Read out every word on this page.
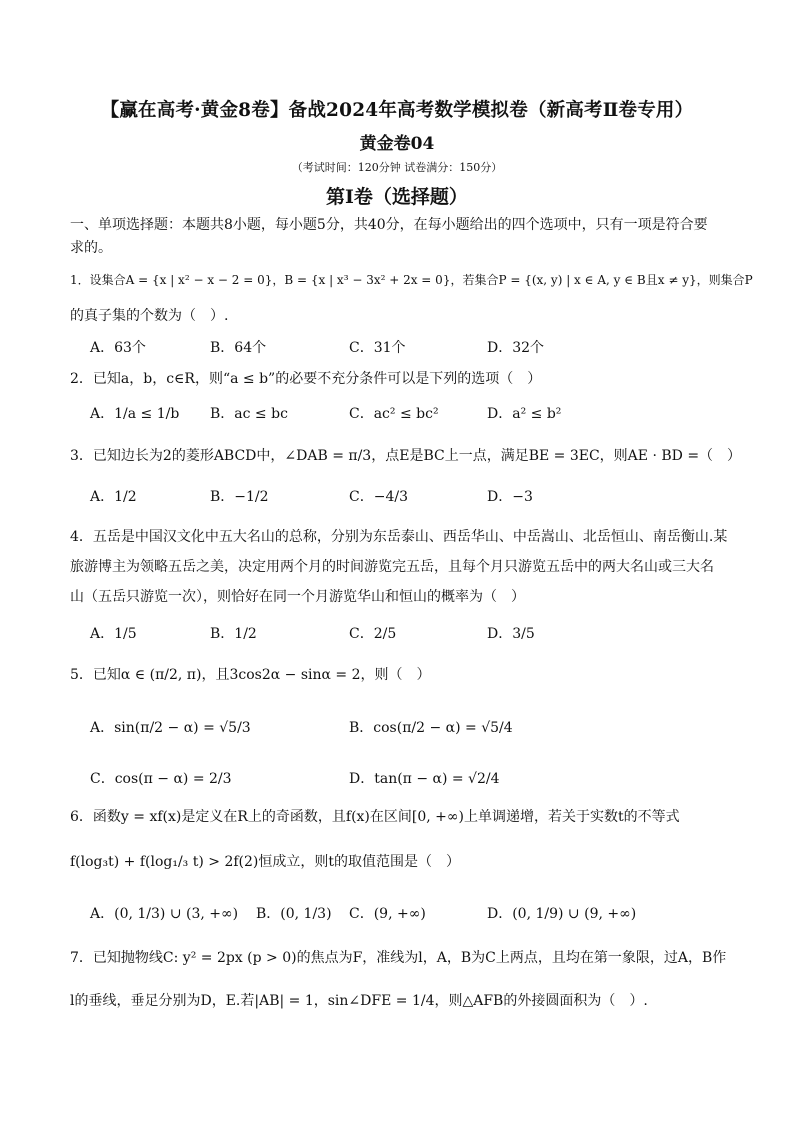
【赢在高考·黄金8卷】备战2024年高考数学模拟卷（新高考Ⅱ卷专用）
黄金卷04
（考试时间：120分钟 试卷满分：150分）
第I卷（选择题）
一、单项选择题：本题共8小题，每小题5分，共40分，在每小题给出的四个选项中，只有一项是符合要
求的。
1．设集合A = {x | x² − x − 2 = 0}，B = {x | x³ − 3x² + 2x = 0}，若集合P = {(x, y) | x ∈ A, y ∈ B且x ≠ y}，则集合P
的真子集的个数为（　）.
A．63个	B．64个	C．31个	D．32个
2．已知a，b，c∈R，则“a ≤ b”的必要不充分条件可以是下列的选项（　）
A．1/a ≤ 1/b B．ac ≤ bc	C．ac² ≤ bc²	D．a² ≤ b²
3．已知边长为2的菱形ABCD中，∠DAB = π/3，点E是BC上一点，满足BE = 3EC，则AE · BD =（　）
A．1/2	B．−1/2	C．−4/3	D．−3
4．五岳是中国汉文化中五大名山的总称，分别为东岳泰山、西岳华山、中岳嵩山、北岳恒山、南岳衡山.某
旅游博主为领略五岳之美，决定用两个月的时间游览完五岳，且每个月只游览五岳中的两大名山或三大名
山（五岳只游览一次），则恰好在同一个月游览华山和恒山的概率为（　）
A．1/5	B．1/2	C．2/5	D．3/5
5．已知α ∈ (π/2, π)，且3cos2α − sinα = 2，则（　）
A．sin(π/2 − α) = √5/3	B．cos(π/2 − α) = √5/4
C．cos(π − α) = 2/3	D．tan(π − α) = √2/4
6．函数y = xf(x)是定义在R上的奇函数，且f(x)在区间[0, +∞)上单调递增，若关于实数t的不等式
f(log₃t) + f(log₁/₃ t) > 2f(2)恒成立，则t的取值范围是（　）
A．(0, 1/3) ∪ (3, +∞) B．(0, 1/3) C．(9, +∞)	D．(0, 1/9) ∪ (9, +∞)
7．已知抛物线C: y² = 2px (p > 0)的焦点为F，准线为l，A，B为C上两点，且均在第一象限，过A，B作
l的垂线，垂足分别为D，E.若|AB| = 1，sin∠DFE = 1/4，则△AFB的外接圆面积为（　）.
